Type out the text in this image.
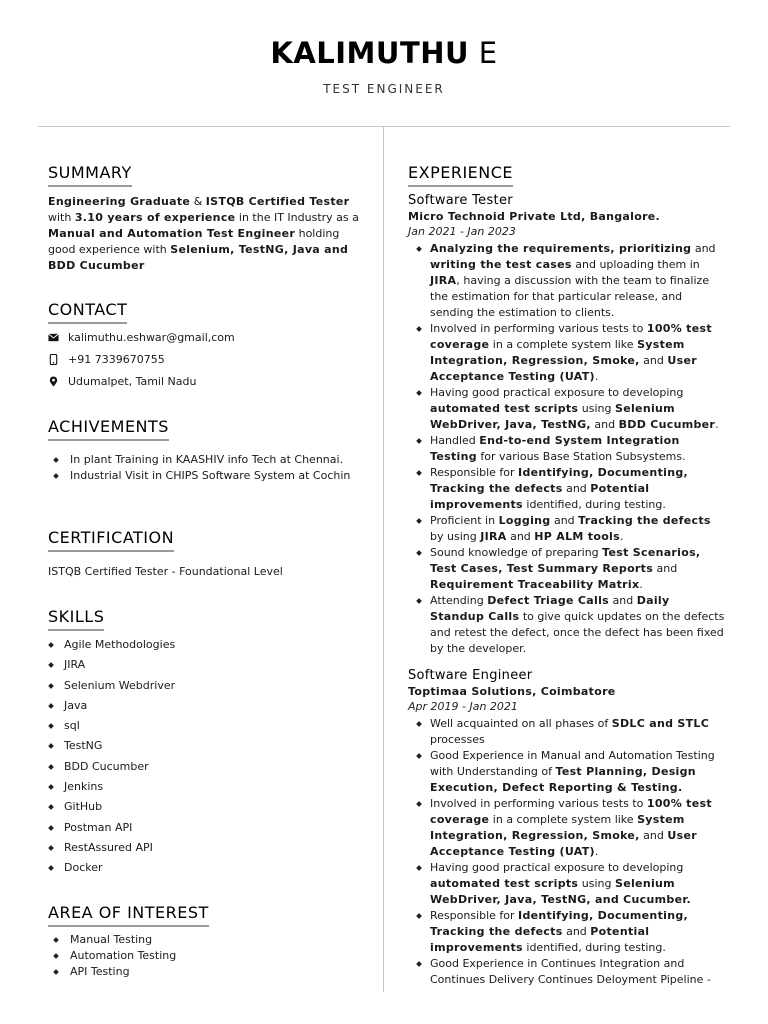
KALIMUTHU E
TEST ENGINEER
SUMMARY
Engineering Graduate & ISTQB Certified Tester with 3.10 years of experience in the IT Industry as a Manual and Automation Test Engineer holding good experience with Selenium, TestNG, Java and BDD Cucumber
CONTACT
kalimuthu.eshwar@gmail,com
+91 7339670755
Udumalpet, Tamil Nadu
ACHIVEMENTS
In plant Training in KAASHIV info Tech at Chennai.
Industrial Visit in CHIPS Software System at Cochin
CERTIFICATION
ISTQB Certified Tester - Foundational Level
SKILLS
Agile Methodologies
JIRA
Selenium Webdriver
Java
sql
TestNG
BDD Cucumber
Jenkins
GitHub
Postman API
RestAssured API
Docker
AREA OF INTEREST
Manual Testing
Automation Testing
API Testing
EXPERIENCE
Software Tester
Micro Technoid Private Ltd, Bangalore.
Jan 2021 - Jan 2023
Analyzing the requirements, prioritizing and writing the test cases and uploading them in JIRA, having a discussion with the team to finalize the estimation for that particular release, and sending the estimation to clients.
Involved in performing various tests to 100% test coverage in a complete system like System Integration, Regression, Smoke, and User Acceptance Testing (UAT).
Having good practical exposure to developing automated test scripts using Selenium WebDriver, Java, TestNG, and BDD Cucumber.
Handled End-to-end System Integration Testing for various Base Station Subsystems.
Responsible for Identifying, Documenting, Tracking the defects and Potential improvements identified, during testing.
Proficient in Logging and Tracking the defects by using JIRA and HP ALM tools.
Sound knowledge of preparing Test Scenarios, Test Cases, Test Summary Reports and Requirement Traceability Matrix.
Attending Defect Triage Calls and Daily Standup Calls to give quick updates on the defects and retest the defect, once the defect has been fixed by the developer.
Software Engineer
Toptimaa Solutions, Coimbatore
Apr 2019 - Jan 2021
Well acquainted on all phases of SDLC and STLC processes
Good Experience in Manual and Automation Testing with Understanding of Test Planning, Design Execution, Defect Reporting & Testing.
Involved in performing various tests to 100% test coverage in a complete system like System Integration, Regression, Smoke, and User Acceptance Testing (UAT).
Having good practical exposure to developing automated test scripts using Selenium WebDriver, Java, TestNG, and Cucumber.
Responsible for Identifying, Documenting, Tracking the defects and Potential improvements identified, during testing.
Good Experience in Continues Integration and Continues Delivery Continues Deloyment Pipeline -
